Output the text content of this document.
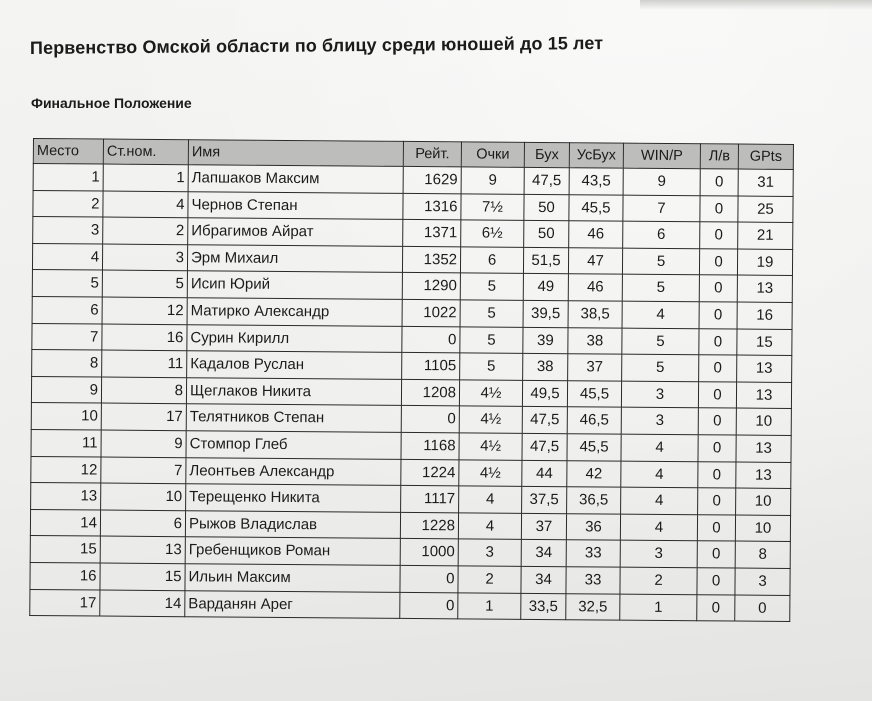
Первенство Омской области по блицу среди юношей до 15 лет
Финальное Положение
Место	Ст.ном.	Имя	Рейт.	Очки	Бух	УсБух	WIN/P	Л/в	GPts
1	1	Лапшаков Максим	1629	9	47,5	43,5	9	0	31
2	4	Чернов Степан	1316	7½	50	45,5	7	0	25
3	2	Ибрагимов Айрат	1371	6½	50	46	6	0	21
4	3	Эрм Михаил	1352	6	51,5	47	5	0	19
5	5	Исип Юрий	1290	5	49	46	5	0	13
6	12	Матирко Александр	1022	5	39,5	38,5	4	0	16
7	16	Сурин Кирилл	0	5	39	38	5	0	15
8	11	Кадалов Руслан	1105	5	38	37	5	0	13
9	8	Щеглаков Никита	1208	4½	49,5	45,5	3	0	13
10	17	Телятников Степан	0	4½	47,5	46,5	3	0	10
11	9	Стомпор Глеб	1168	4½	47,5	45,5	4	0	13
12	7	Леонтьев Александр	1224	4½	44	42	4	0	13
13	10	Терещенко Никита	1117	4	37,5	36,5	4	0	10
14	6	Рыжов Владислав	1228	4	37	36	4	0	10
15	13	Гребенщиков Роман	1000	3	34	33	3	0	8
16	15	Ильин Максим	0	2	34	33	2	0	3
17	14	Варданян Арег	0	1	33,5	32,5	1	0	0
